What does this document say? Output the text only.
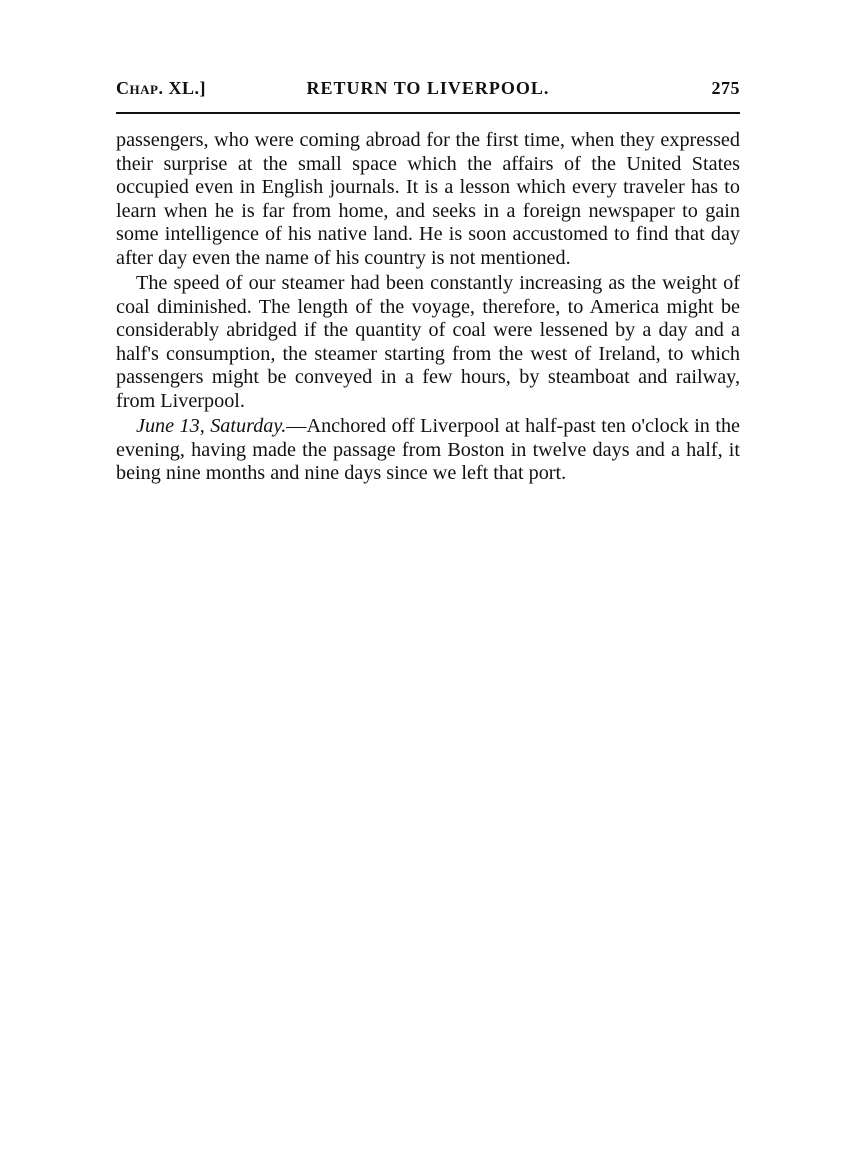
Chap. XL.]	RETURN TO LIVERPOOL.	275

passengers, who were coming abroad for the first time, when they expressed their surprise at the small space which the affairs of the United States occupied even in English journals. It is a lesson which every traveler has to learn when he is far from home, and seeks in a foreign newspaper to gain some intelligence of his native land. He is soon accustomed to find that day after day even the name of his country is not mentioned.

The speed of our steamer had been constantly increasing as the weight of coal diminished. The length of the voyage, therefore, to America might be considerably abridged if the quantity of coal were lessened by a day and a half's consumption, the steamer starting from the west of Ireland, to which passengers might be conveyed in a few hours, by steamboat and railway, from Liverpool.

June 13, Saturday.—Anchored off Liverpool at half-past ten o'clock in the evening, having made the passage from Boston in twelve days and a half, it being nine months and nine days since we left that port.
